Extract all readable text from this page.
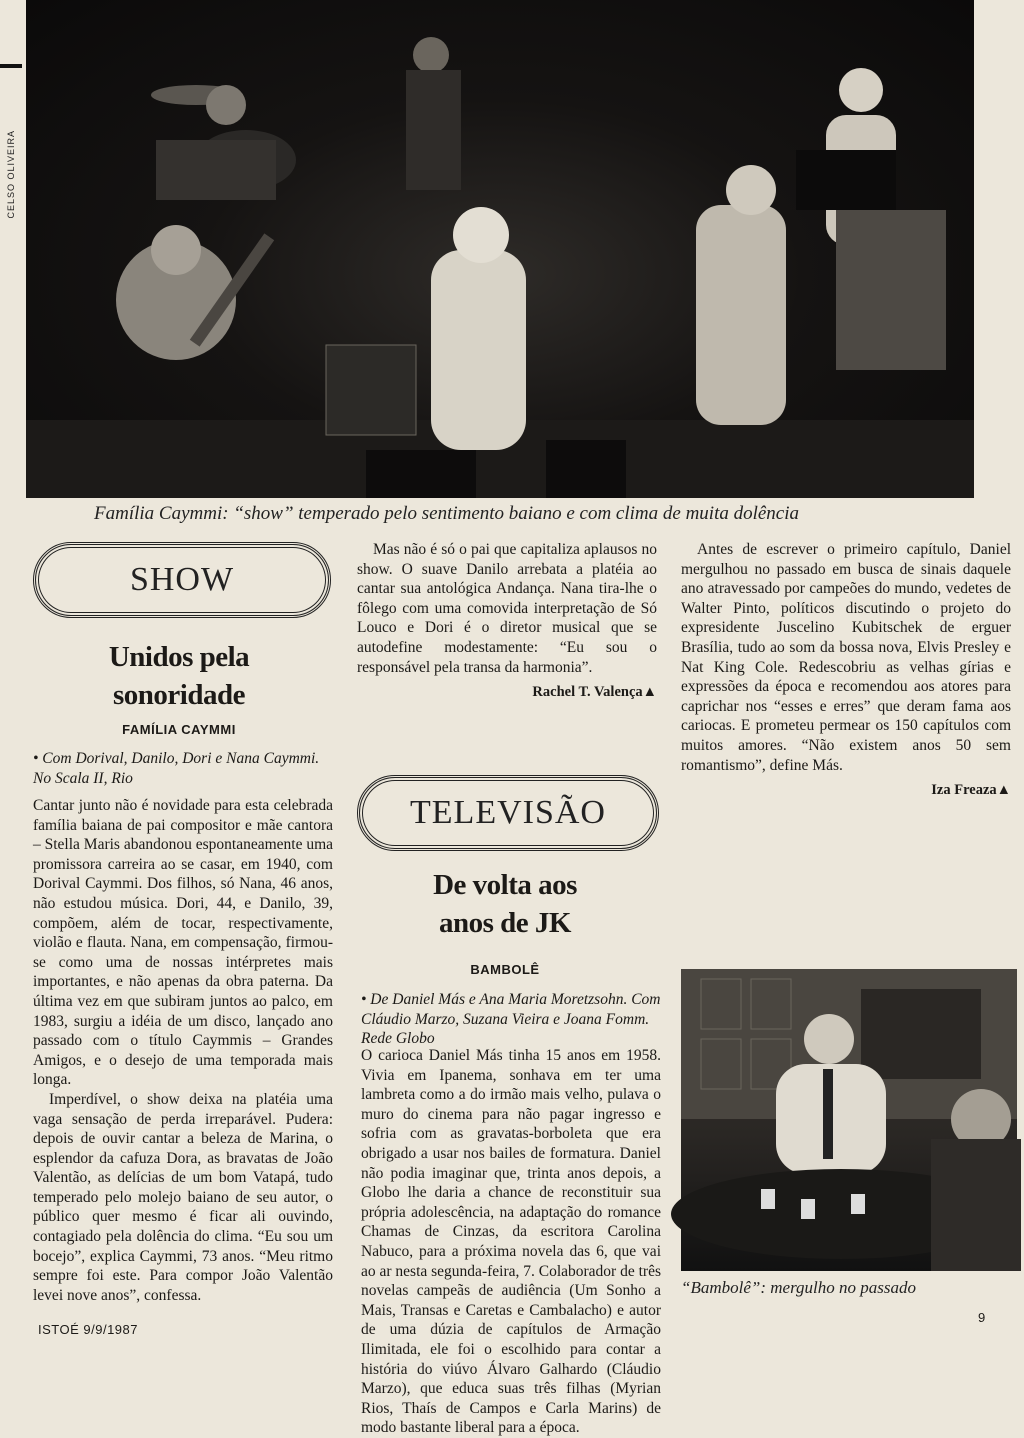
CELSO OLIVEIRA
Família Caymmi: “show” temperado pelo sentimento baiano e com clima de muita dolência
SHOW
Unidos pela
sonoridade
FAMÍLIA CAYMMI
• Com Dorival, Danilo, Dori e Nana Caymmi. No Scala II, Rio

Cantar junto não é novidade para esta celebrada família baiana de pai compositor e mãe cantora – Stella Maris abandonou espontaneamente uma promissora carreira ao se casar, em 1940, com Dorival Caymmi. Dos filhos, só Nana, 46 anos, não estudou música. Dori, 44, e Danilo, 39, compõem, além de tocar, respectivamente, violão e flauta. Nana, em compensação, firmou-se como uma de nossas intérpretes mais importantes, e não apenas da obra paterna. Da última vez em que subiram juntos ao palco, em 1983, surgiu a idéia de um disco, lançado ano passado com o título Caymmis – Grandes Amigos, e o desejo de uma temporada mais longa.

Imperdível, o show deixa na platéia uma vaga sensação de perda irreparável. Pudera: depois de ouvir cantar a beleza de Marina, o esplendor da cafuza Dora, as bravatas de João Valentão, as delícias de um bom Vatapá, tudo temperado pelo molejo baiano de seu autor, o público quer mesmo é ficar ali ouvindo, contagiado pela dolência do clima. “Eu sou um bocejo”, explica Caymmi, 73 anos. “Meu ritmo sempre foi este. Para compor João Valentão levei nove anos”, confessa.

Mas não é só o pai que capitaliza aplausos no show. O suave Danilo arrebata a platéia ao cantar sua antológica Andança. Nana tira-lhe o fôlego com uma comovida interpretação de Só Louco e Dori é o diretor musical que se autodefine modestamente: “Eu sou o responsável pela transa da harmonia”.

Rachel T. Valença▲
TELEVISÃO
De volta aos
anos de JK
BAMBOLÊ
• De Daniel Más e Ana Maria Moretzsohn. Com Cláudio Marzo, Suzana Vieira e Joana Fomm. Rede Globo

O carioca Daniel Más tinha 15 anos em 1958. Vivia em Ipanema, sonhava em ter uma lambreta como a do irmão mais velho, pulava o muro do cinema para não pagar ingresso e sofria com as gravatas-borboleta que era obrigado a usar nos bailes de formatura. Daniel não podia imaginar que, trinta anos depois, a Globo lhe daria a chance de reconstituir sua própria adolescência, na adaptação do romance Chamas de Cinzas, da escritora Carolina Nabuco, para a próxima novela das 6, que vai ao ar nesta segunda-feira, 7. Colaborador de três novelas campeãs de audiência (Um Sonho a Mais, Transas e Caretas e Cambalacho) e autor de uma dúzia de capítulos de Armação Ilimitada, ele foi o escolhido para contar a história do viúvo Álvaro Galhardo (Cláudio Marzo), que educa suas três filhas (Myrian Rios, Thaís de Campos e Carla Marins) de modo bastante liberal para a época.

Antes de escrever o primeiro capítulo, Daniel mergulhou no passado em busca de sinais daquele ano atravessado por campeões do mundo, vedetes de Walter Pinto, políticos discutindo o projeto do expresidente Juscelino Kubitschek de erguer Brasília, tudo ao som da bossa nova, Elvis Presley e Nat King Cole. Redescobriu as velhas gírias e expressões da época e recomendou aos atores para caprichar nos “esses e erres” que deram fama aos cariocas. E prometeu permear os 150 capítulos com muitos amores. “Não existem anos 50 sem romantismo”, define Más.

Iza Freaza▲
“Bambolê”: mergulho no passado
ISTOÉ 9/9/1987
9
